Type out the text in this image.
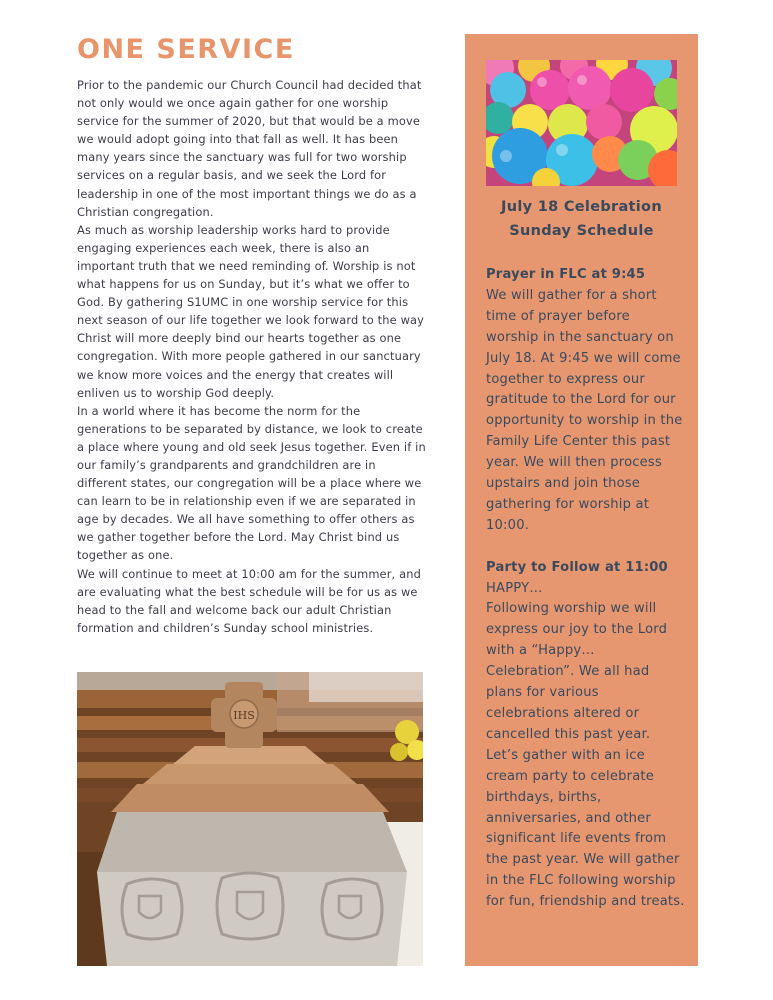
ONE SERVICE

Prior to the pandemic our Church Council had decided that not only would we once again gather for one worship service for the summer of 2020, but that would be a move we would adopt going into that fall as well. It has been many years since the sanctuary was full for two worship services on a regular basis, and we seek the Lord for leadership in one of the most important things we do as a Christian congregation.

As much as worship leadership works hard to provide engaging experiences each week, there is also an important truth that we need reminding of. Worship is not what happens for us on Sunday, but it’s what we offer to God. By gathering S1UMC in one worship service for this next season of our life together we look forward to the way Christ will more deeply bind our hearts together as one congregation. With more people gathered in our sanctuary we know more voices and the energy that creates will enliven us to worship God deeply.

In a world where it has become the norm for the generations to be separated by distance, we look to create a place where young and old seek Jesus together. Even if in our family’s grandparents and grandchildren are in different states, our congregation will be a place where we can learn to be in relationship even if we are separated in age by decades. We all have something to offer others as we gather together before the Lord. May Christ bind us together as one.

We will continue to meet at 10:00 am for the summer, and are evaluating what the best schedule will be for us as we head to the fall and welcome back our adult Christian formation and children’s Sunday school ministries.

IHS
July 18 Celebration
Sunday Schedule

Prayer in FLC at 9:45

We will gather for a short time of prayer before worship in the sanctuary on July 18. At 9:45 we will come together to express our gratitude to the Lord for our opportunity to worship in the Family Life Center this past year. We will then process upstairs and join those gathering for worship at 10:00.

Party to Follow at 11:00

HAPPY…

Following worship we will express our joy to the Lord with a “Happy… Celebration”. We all had plans for various celebrations altered or cancelled this past year. Let’s gather with an ice cream party to celebrate birthdays, births, anniversaries, and other significant life events from the past year. We will gather in the FLC following worship for fun, friendship and treats.
